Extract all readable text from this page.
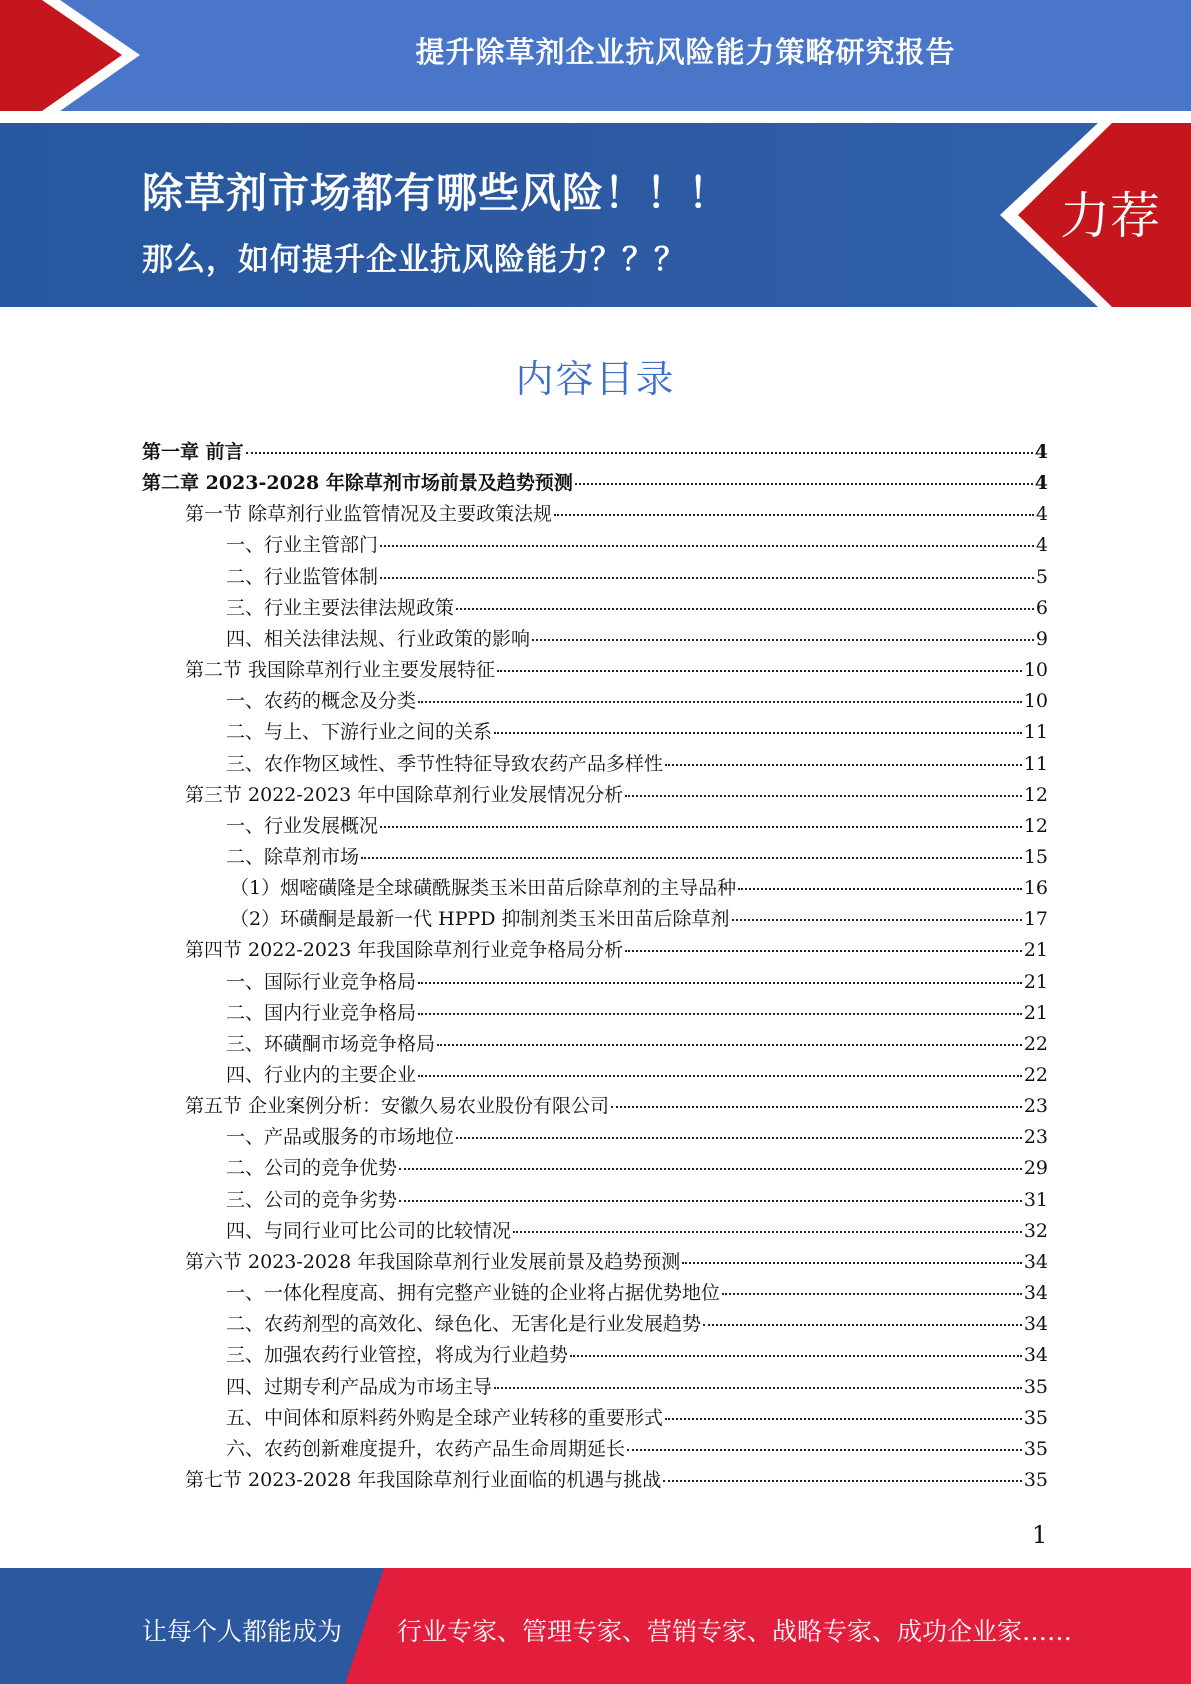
提升除草剂企业抗风险能力策略研究报告
除草剂市场都有哪些风险！！！
那么，如何提升企业抗风险能力？？？
力荐
内容目录
第一章 前言	4
第二章 2023-2028 年除草剂市场前景及趋势预测	4
第一节 除草剂行业监管情况及主要政策法规	4
一、行业主管部门	4
二、行业监管体制	5
三、行业主要法律法规政策	6
四、相关法律法规、行业政策的影响	9
第二节 我国除草剂行业主要发展特征	10
一、农药的概念及分类	10
二、与上、下游行业之间的关系	11
三、农作物区域性、季节性特征导致农药产品多样性	11
第三节 2022-2023 年中国除草剂行业发展情况分析	12
一、行业发展概况	12
二、除草剂市场	15
（1）烟嘧磺隆是全球磺酰脲类玉米田苗后除草剂的主导品种	16
（2）环磺酮是最新一代 HPPD 抑制剂类玉米田苗后除草剂	17
第四节 2022-2023 年我国除草剂行业竞争格局分析	21
一、国际行业竞争格局	21
二、国内行业竞争格局	21
三、环磺酮市场竞争格局	22
四、行业内的主要企业	22
第五节 企业案例分析：安徽久易农业股份有限公司	23
一、产品或服务的市场地位	23
二、公司的竞争优势	29
三、公司的竞争劣势	31
四、与同行业可比公司的比较情况	32
第六节 2023-2028 年我国除草剂行业发展前景及趋势预测	34
一、一体化程度高、拥有完整产业链的企业将占据优势地位	34
二、农药剂型的高效化、绿色化、无害化是行业发展趋势	34
三、加强农药行业管控，将成为行业趋势	34
四、过期专利产品成为市场主导	35
五、中间体和原料药外购是全球产业转移的重要形式	35
六、农药创新难度提升，农药产品生命周期延长	35
第七节 2023-2028 年我国除草剂行业面临的机遇与挑战	35
1
让每个人都能成为 行业专家、管理专家、营销专家、战略专家、成功企业家……
